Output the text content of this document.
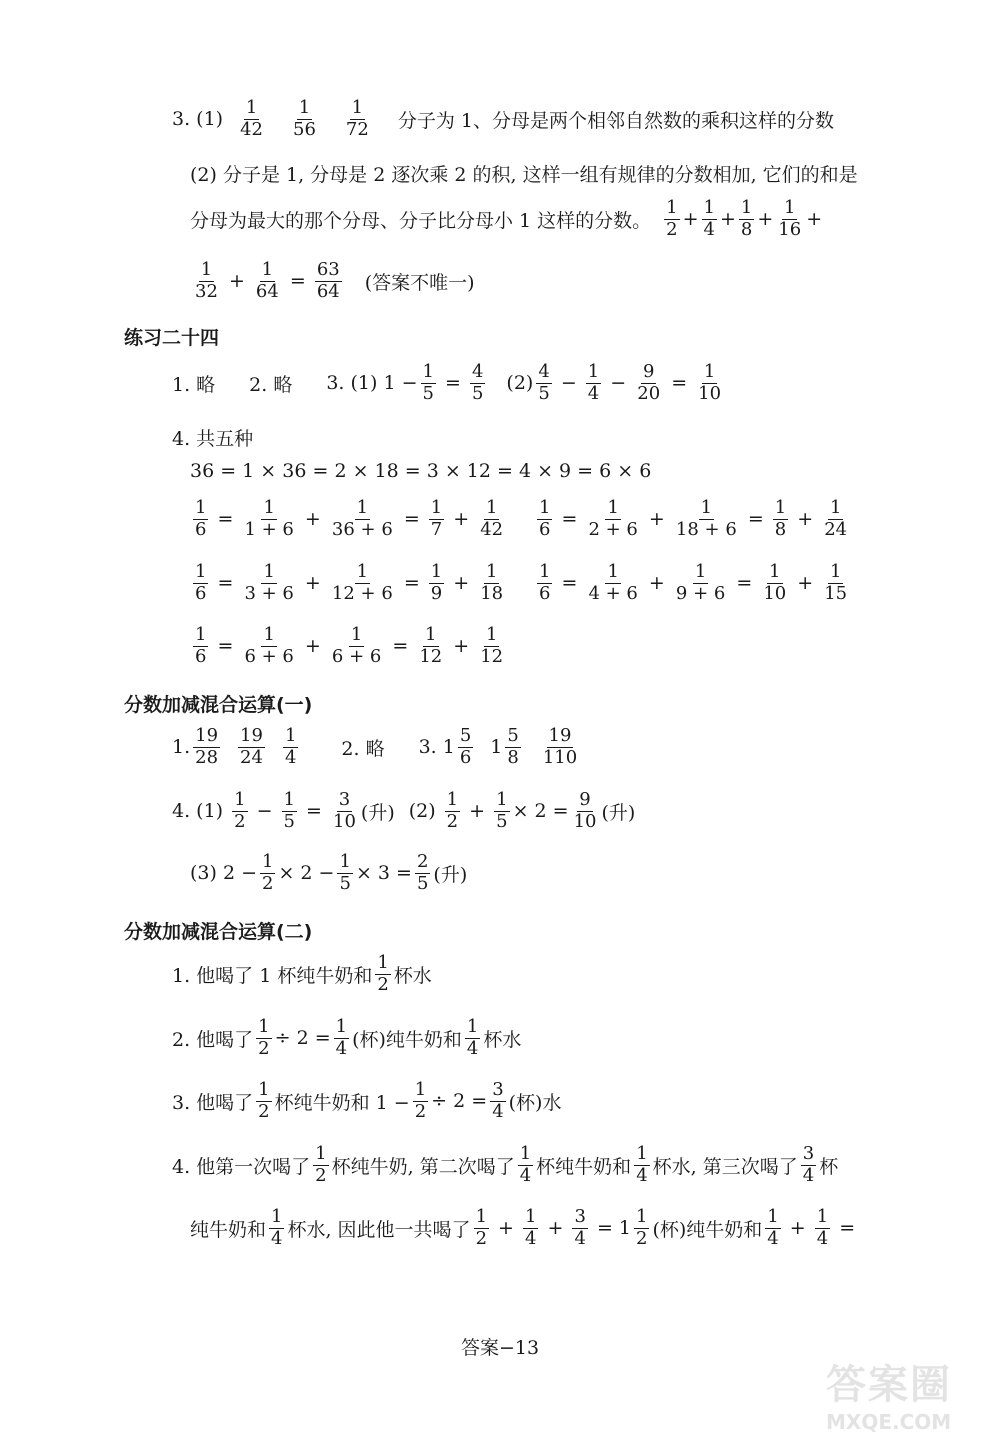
3. (1)
1
42
1
56
1
72 分子为 1、分母是两个相邻自然数的乘积这样的分数
(2) 分子是 1, 分母是 2 逐次乘 2 的积, 这样一组有规律的分数相加, 它们的和是
分母为最大的那个分母、分子比分母小 1 这样的分数。
1
$2 + \frac{1}{4} + \frac{1}{8} + \frac{1}{16}$ +
1
$32 + \frac{1}{64} = \frac{63}{64}$ (答案不唯一)
练习二十四
1. 略 2. 略 3. (1) $1 - \frac{1}{5} = \frac{4}{5} (2)$
4
$5 - \frac{1}{4} - \frac{9}{20} = \frac{1}{10}$
4. 共五种
36 = 1 × 36 = 2 × 18 = 3 × 12 = 4 × 9 = 6 × 6
$\frac{1}{6} = \frac{1}{1 + 6} + \frac{1}{36 + 6} = \frac{1}{7} + \frac{1}{42} \frac{1}{6} = \frac{1}{2 + 6} + \frac{1}{18 + 6} = \frac{1}{8} + \frac{1}{24}$
$\frac{1}{6} = \frac{1}{3 + 6} + \frac{1}{12 + 6} = \frac{1}{9} + \frac{1}{18} \frac{1}{6} = \frac{1}{4 + 6} + \frac{1}{9 + 6} = \frac{1}{10} + \frac{1}{15}$
$\frac{1}{6} = \frac{1}{6 + 6} + \frac{1}{6 + 6} = \frac{1}{12} + \frac{1}{12}$
分数加减混合运算(一)
1.
19
28
19
24
1
4 2. 略 3. 1
5
6 1
5
8
19
110
4. (1)
1
$2 - \frac{1}{5} = \frac{3}{10}$ (升) (2)
1
$2 + \frac{1}{5} \times 2 = \frac{9}{10}$ (升)
(3) $2 - \frac{1}{2} \times 2 - \frac{1}{5} \times 3 = \frac{2}{5}$ (升)
分数加减混合运算(二)
1. 他喝了 1 杯纯牛奶和
1
2 杯水
2. 他喝了 $\frac{1}{2} \div 2 = \frac{1}{4}$ (杯)纯牛奶和
1
4 杯水
3. 他喝了
1
2 杯纯牛奶和 $1 - \frac{1}{2} \div 2 = \frac{3}{4}$ (杯)水
4. 他第一次喝了
1
2 杯纯牛奶, 第二次喝了
1
4 杯纯牛奶和
1
4 杯水, 第三次喝了
3
4 杯
纯牛奶和
1
4 杯水, 因此他一共喝了
1
$2 + \frac{1}{4} + \frac{3}{4} = 1$
1
2 (杯)纯牛奶和
1
$4 + \frac{1}{4}$ =
答案−13
答案圈
MXQE.COM
